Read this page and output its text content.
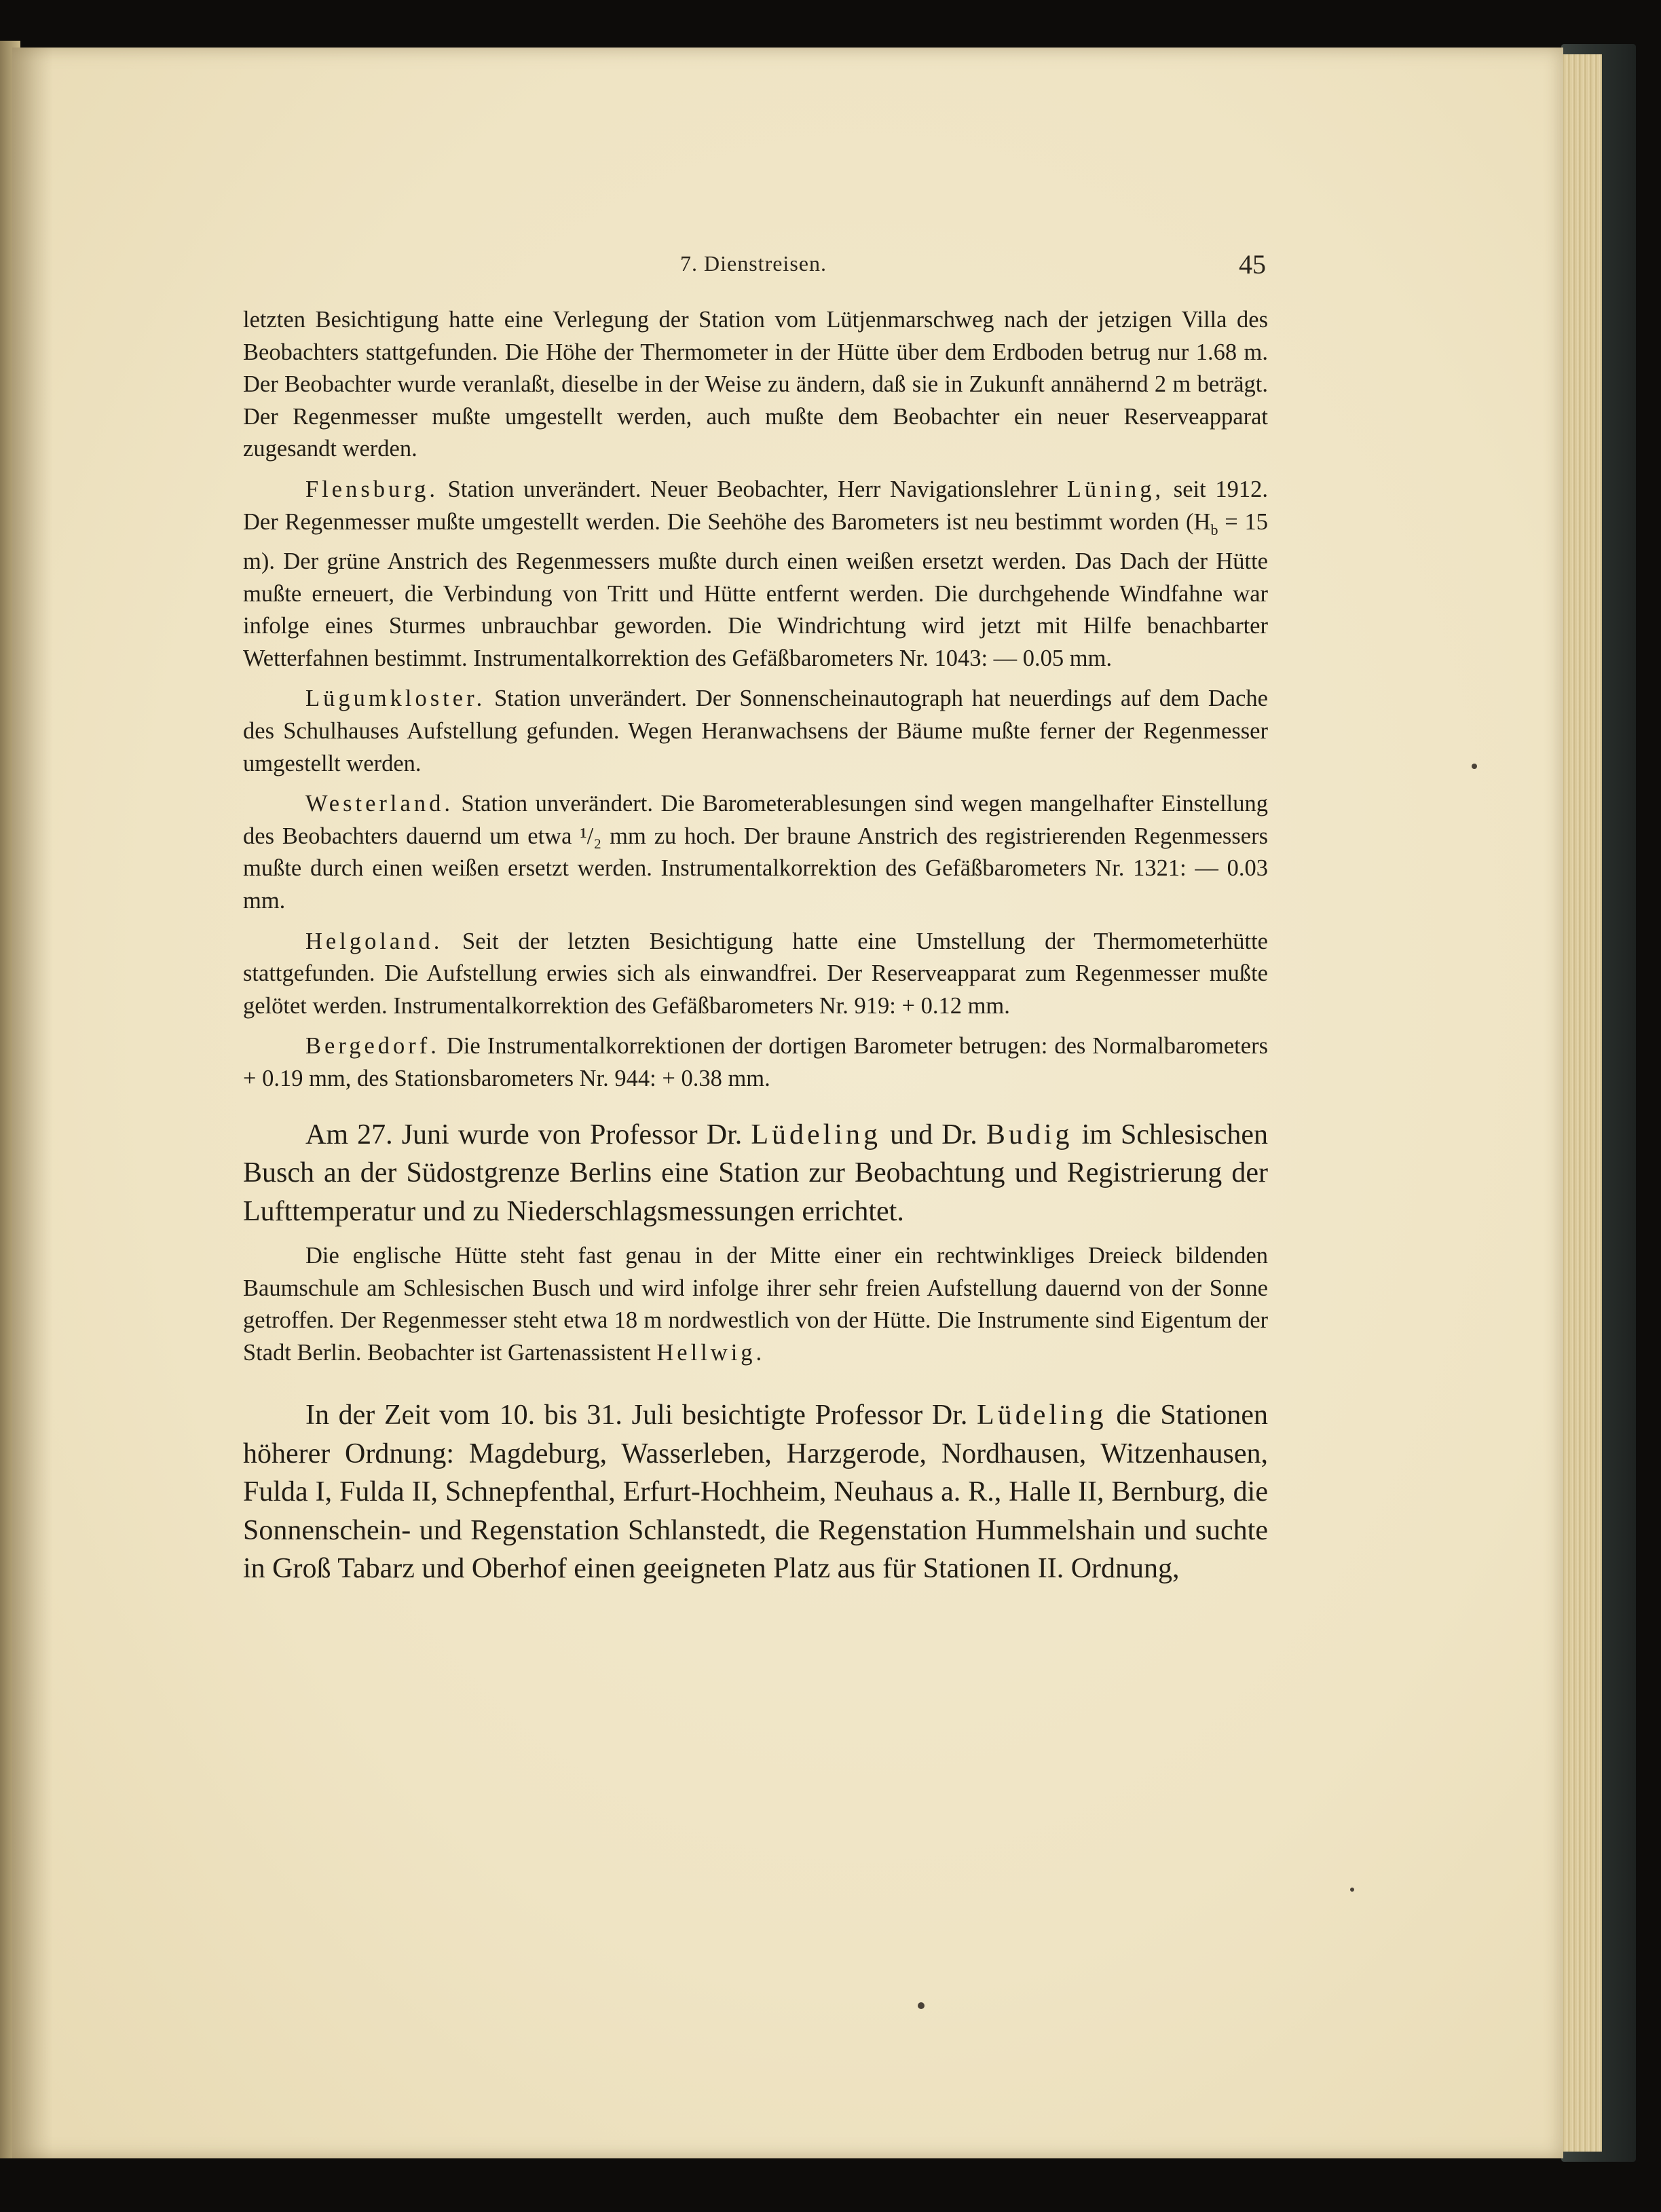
7. Dienstreisen.	45

letzten Besichtigung hatte eine Verlegung der Station vom Lütjenmarschweg nach der jetzigen Villa des Beobachters stattgefunden. Die Höhe der Thermometer in der Hütte über dem Erdboden betrug nur 1.68 m. Der Beobachter wurde veranlaßt, dieselbe in der Weise zu ändern, daß sie in Zukunft annähernd 2 m beträgt. Der Regenmesser mußte umgestellt werden, auch mußte dem Beobachter ein neuer Reserveapparat zugesandt werden.

Flensburg. Station unverändert. Neuer Beobachter, Herr Navigationslehrer Lüning, seit 1912. Der Regenmesser mußte umgestellt werden. Die Seehöhe des Barometers ist neu bestimmt worden ($H_b = 15$ m). Der grüne Anstrich des Regenmessers mußte durch einen weißen ersetzt werden. Das Dach der Hütte mußte erneuert, die Verbindung von Tritt und Hütte entfernt werden. Die durchgehende Windfahne war infolge eines Sturmes unbrauchbar geworden. Die Windrichtung wird jetzt mit Hilfe benachbarter Wetterfahnen bestimmt. Instrumentalkorrektion des Gefäßbarometers Nr. 1043: — 0.05 mm.

Lügumkloster. Station unverändert. Der Sonnenscheinautograph hat neuerdings auf dem Dache des Schulhauses Aufstellung gefunden. Wegen Heranwachsens der Bäume mußte ferner der Regenmesser umgestellt werden.

Westerland. Station unverändert. Die Barometerablesungen sind wegen mangelhafter Einstellung des Beobachters dauernd um etwa ¹/₂ mm zu hoch. Der braune Anstrich des registrierenden Regenmessers mußte durch einen weißen ersetzt werden. Instrumentalkorrektion des Gefäßbarometers Nr. 1321: — 0.03 mm.

Helgoland. Seit der letzten Besichtigung hatte eine Umstellung der Thermometerhütte stattgefunden. Die Aufstellung erwies sich als einwandfrei. Der Reserveapparat zum Regenmesser mußte gelötet werden. Instrumentalkorrektion des Gefäßbarometers Nr. 919: + 0.12 mm.

Bergedorf. Die Instrumentalkorrektionen der dortigen Barometer betrugen: des Normalbarometers + 0.19 mm, des Stationsbarometers Nr. 944: + 0.38 mm.

Am 27. Juni wurde von Professor Dr. Lüdeling und Dr. Budig im Schlesischen Busch an der Südostgrenze Berlins eine Station zur Beobachtung und Registrierung der Lufttemperatur und zu Niederschlagsmessungen errichtet.

Die englische Hütte steht fast genau in der Mitte einer ein rechtwinkliges Dreieck bildenden Baumschule am Schlesischen Busch und wird infolge ihrer sehr freien Aufstellung dauernd von der Sonne getroffen. Der Regenmesser steht etwa 18 m nordwestlich von der Hütte. Die Instrumente sind Eigentum der Stadt Berlin. Beobachter ist Gartenassistent Hellwig.

In der Zeit vom 10. bis 31. Juli besichtigte Professor Dr. Lüdeling die Stationen höherer Ordnung: Magdeburg, Wasserleben, Harzgerode, Nordhausen, Witzenhausen, Fulda I, Fulda II, Schnepfenthal, Erfurt-Hochheim, Neuhaus a. R., Halle II, Bernburg, die Sonnenschein- und Regenstation Schlanstedt, die Regenstation Hummelshain und suchte in Groß Tabarz und Oberhof einen geeigneten Platz aus für Stationen II. Ordnung,
